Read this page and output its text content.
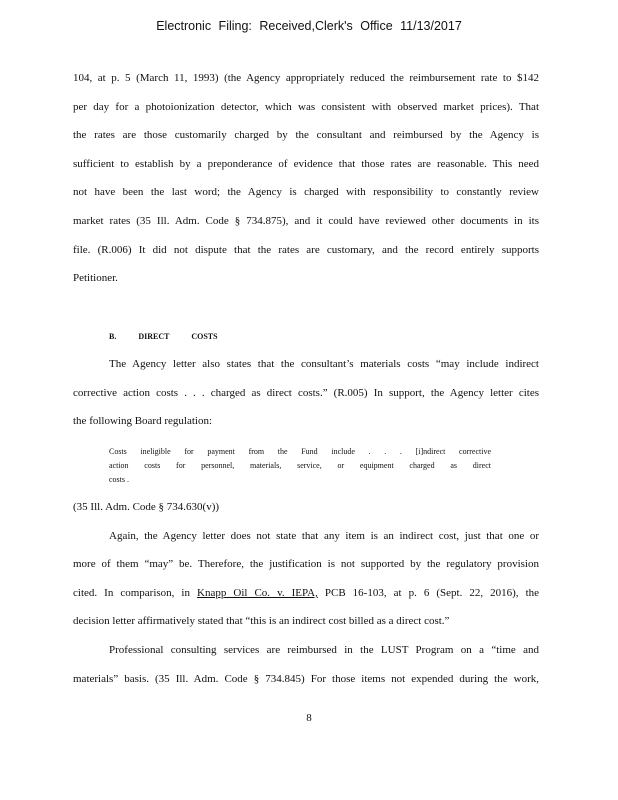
Electronic Filing: Received,Clerk's Office 11/13/2017
104, at p. 5 (March 11, 1993) (the Agency appropriately reduced the reimbursement rate to $142
per day for a photoionization detector, which was consistent with observed market prices). That
the rates are those customarily charged by the consultant and reimbursed by the Agency is
sufficient to establish by a preponderance of evidence that those rates are reasonable. This need
not have been the last word; the Agency is charged with responsibility to constantly review
market rates (35 Ill. Adm. Code § 734.875), and it could have reviewed other documents in its
file. (R.006) It did not dispute that the rates are customary, and the record entirely supports
Petitioner.
B.	DIRECT COSTS
The Agency letter also states that the consultant’s materials costs “may include indirect
corrective action costs . . . charged as direct costs.” (R.005) In support, the Agency letter cites
the following Board regulation:
Costs ineligible for payment from the Fund include . . . [i]ndirect corrective
action costs for personnel, materials, service, or equipment charged as direct
costs .
(35 Ill. Adm. Code § 734.630(v))
Again, the Agency letter does not state that any item is an indirect cost, just that one or
more of them “may” be. Therefore, the justification is not supported by the regulatory provision
cited. In comparison, in Knapp Oil Co. v. IEPA, PCB 16-103, at p. 6 (Sept. 22, 2016), the
decision letter affirmatively stated that “this is an indirect cost billed as a direct cost.”
Professional consulting services are reimbursed in the LUST Program on a “time and
materials” basis. (35 Ill. Adm. Code § 734.845) For those items not expended during the work,
8
